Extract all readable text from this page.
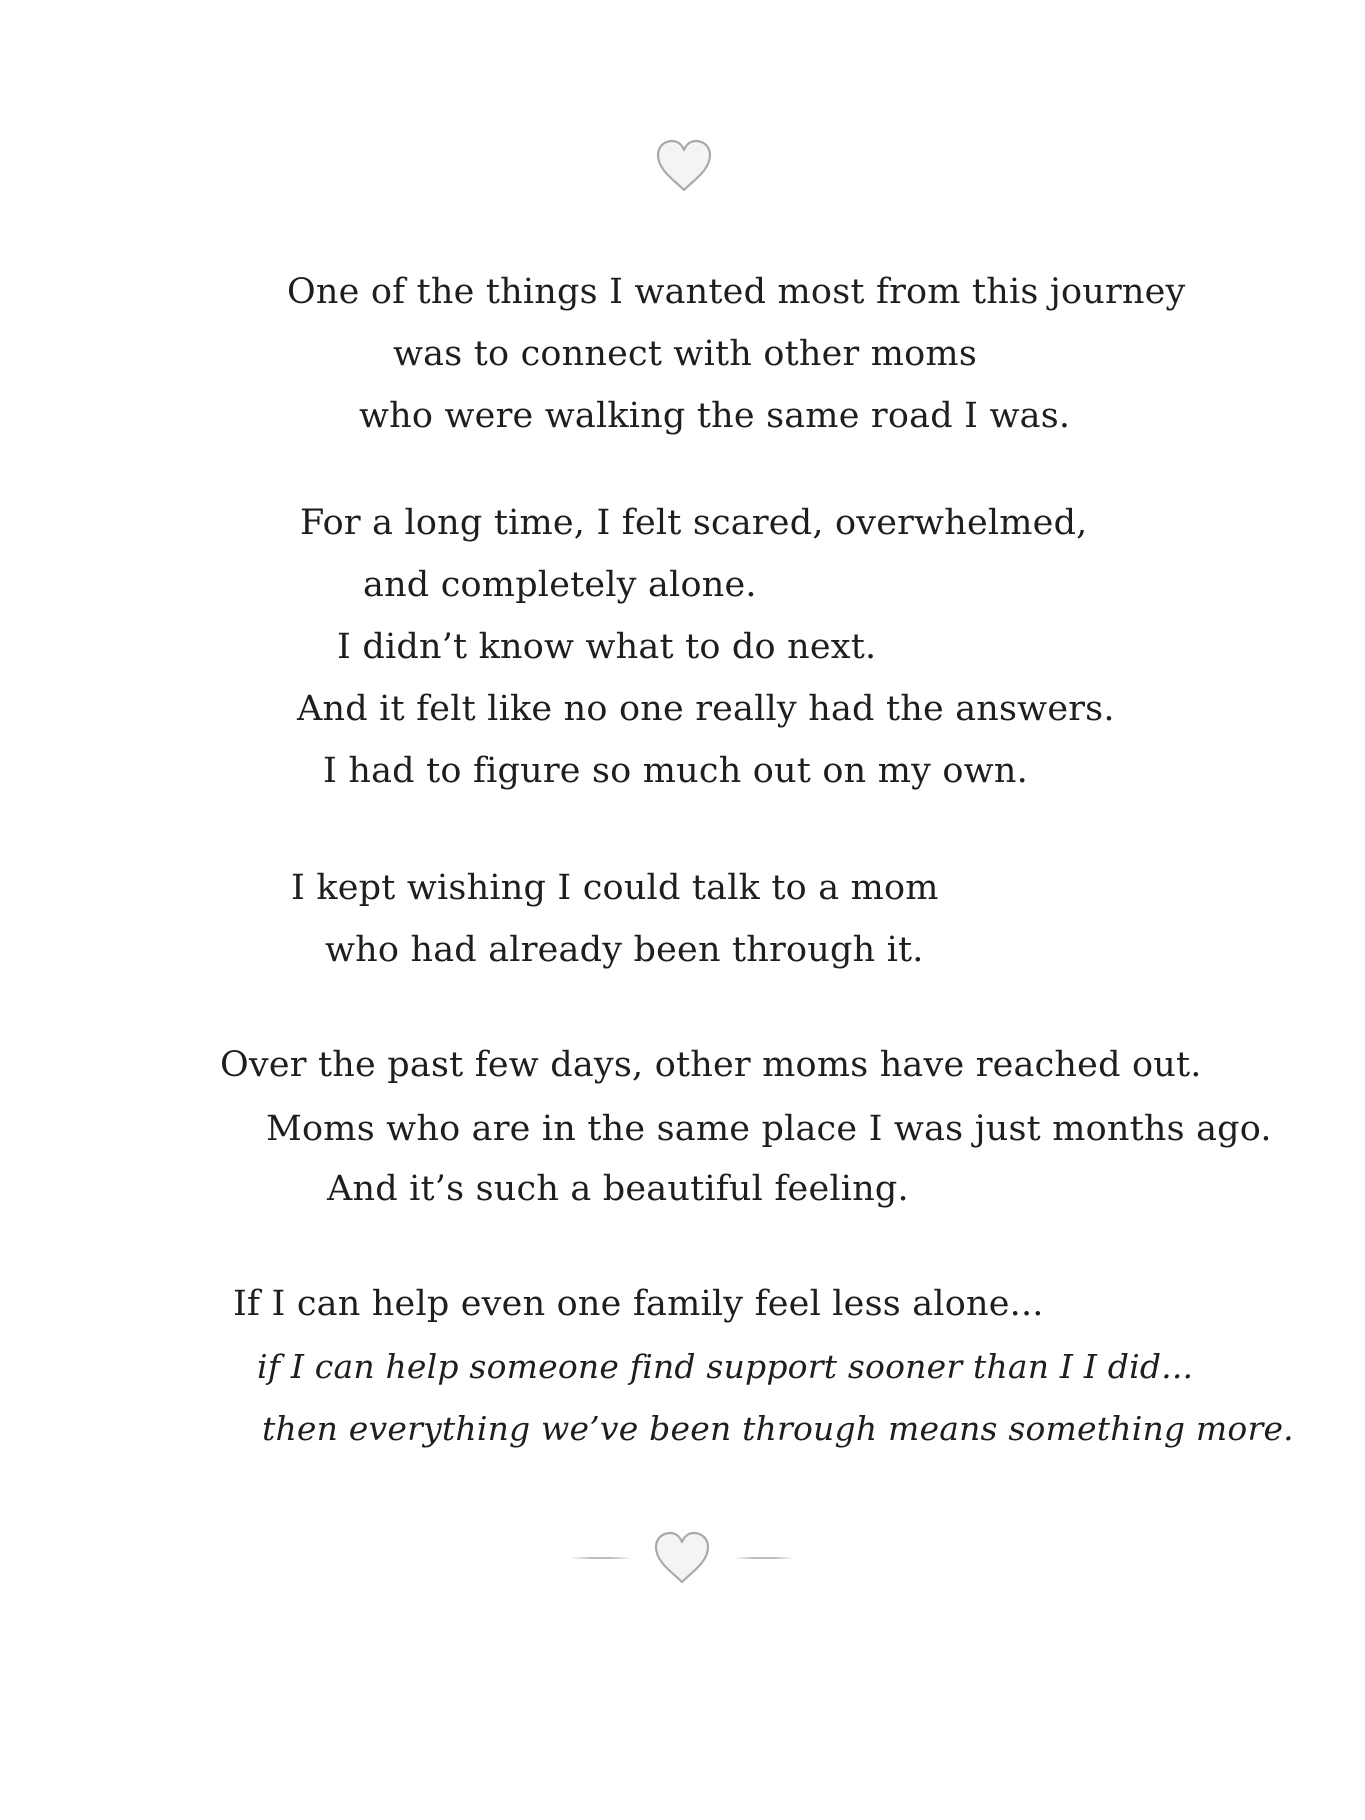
One of the things I wanted most from this journey
was to connect with other moms
who were walking the same road I was.
For a long time, I felt scared, overwhelmed,
and completely alone.
I didn’t know what to do next.
And it felt like no one really had the answers.
I had to figure so much out on my own.
I kept wishing I could talk to a mom
who had already been through it.
Over the past few days, other moms have reached out.
Moms who are in the same place I was just months ago.
And it’s such a beautiful feeling.
If I can help even one family feel less alone...
if I can help someone find support sooner than I I did...
then everything we’ve been through means something more.
